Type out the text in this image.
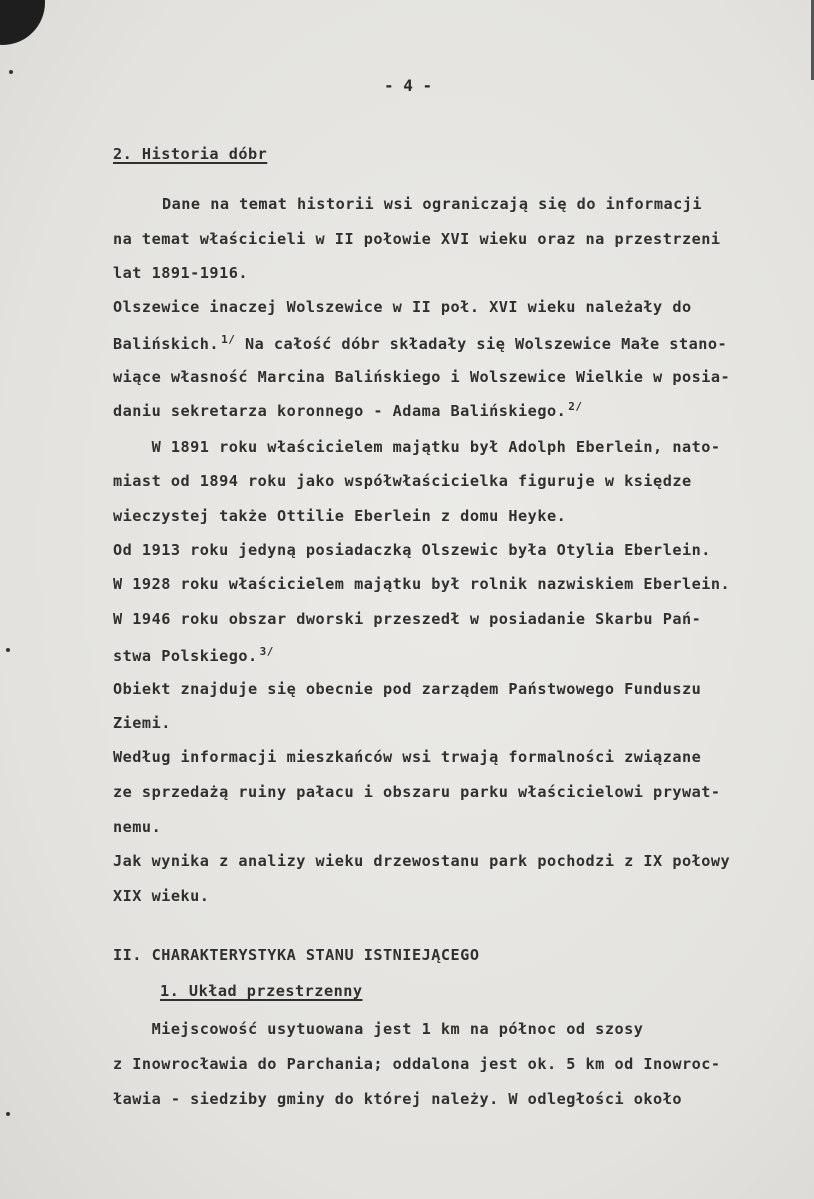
- 4 -
2. Historia dóbr
Dane na temat historii wsi ograniczają się do informacji
na temat właścicieli w II połowie XVI wieku oraz na przestrzeni
lat 1891-1916.
Olszewice inaczej Wolszewice w II poł. XVI wieku należały do
Balińskich. $^{1/}$ Na całość dóbr składały się Wolszewice Małe stano-
wiące własność Marcina Balińskiego i Wolszewice Wielkie w posia-
daniu sekretarza koronnego - Adama Balińskiego. $^{2/}$
W 1891 roku właścicielem majątku był Adolph Eberlein, nato-
miast od 1894 roku jako współwłaścicielka figuruje w księdze
wieczystej także Ottilie Eberlein z domu Heyke.
Od 1913 roku jedyną posiadaczką Olszewic była Otylia Eberlein.
W 1928 roku właścicielem majątku był rolnik nazwiskiem Eberlein.
W 1946 roku obszar dworski przeszedł w posiadanie Skarbu Pań-
stwa Polskiego. $^{3/}$
Obiekt znajduje się obecnie pod zarządem Państwowego Funduszu
Ziemi.
Według informacji mieszkańców wsi trwają formalności związane
ze sprzedażą ruiny pałacu i obszaru parku właścicielowi prywat-
nemu.
Jak wynika z analizy wieku drzewostanu park pochodzi z IX połowy
XIX wieku.
II. CHARAKTERYSTYKA STANU ISTNIEJĄCEGO
1. Układ przestrzenny
Miejscowość usytuowana jest 1 km na północ od szosy
z Inowrocławia do Parchania; oddalona jest ok. 5 km od Inowroc-
ławia - siedziby gminy do której należy. W odległości około
